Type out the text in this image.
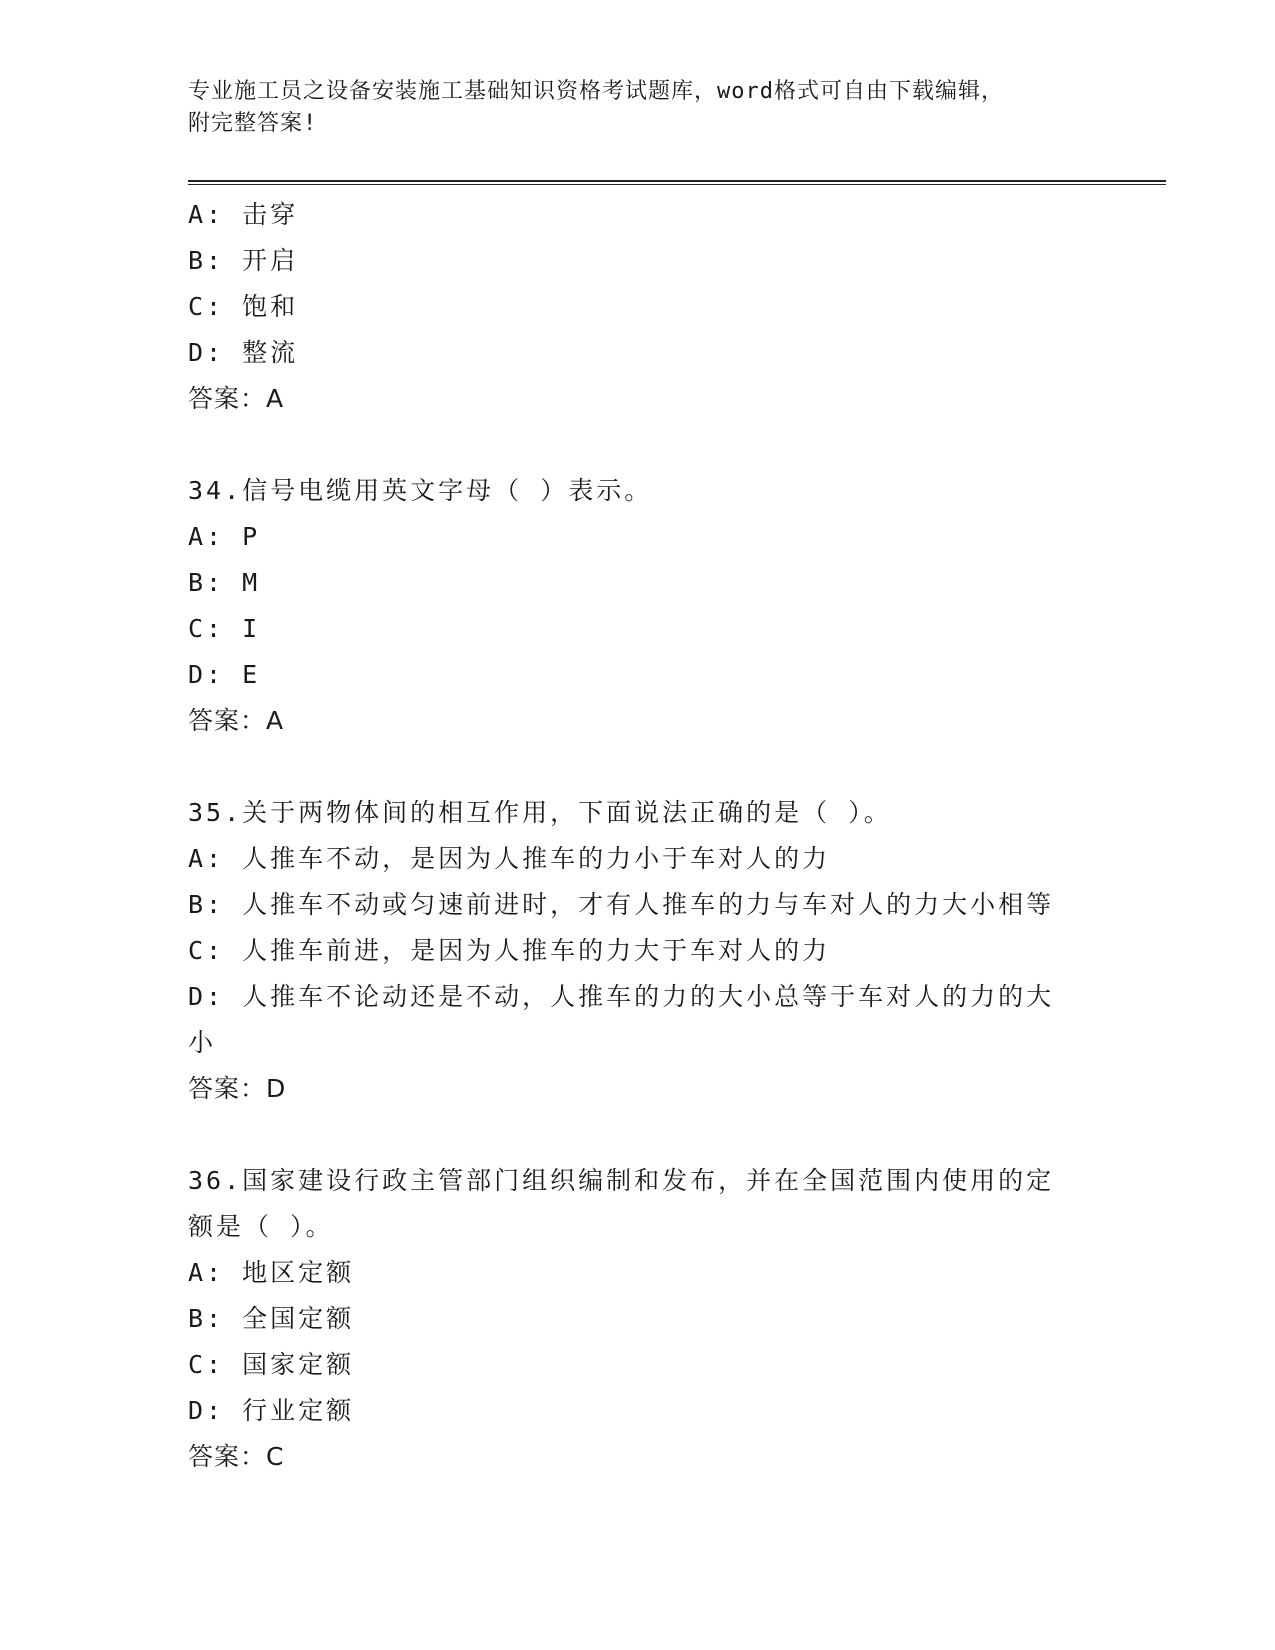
专业施工员之设备安装施工基础知识资格考试题库，word格式可自由下载编辑，
附完整答案!
A: 击穿
B: 开启
C: 饱和
D: 整流
答案：A
34.信号电缆用英文字母（ ）表示。
A: P
B: M
C: I
D: E
答案：A
35.关于两物体间的相互作用，下面说法正确的是（ ）。
A: 人推车不动，是因为人推车的力小于车对人的力
B: 人推车不动或匀速前进时，才有人推车的力与车对人的力大小相等
C: 人推车前进，是因为人推车的力大于车对人的力
D: 人推车不论动还是不动，人推车的力的大小总等于车对人的力的大小
答案：D
36.国家建设行政主管部门组织编制和发布，并在全国范围内使用的定额是（ ）。
A: 地区定额
B: 全国定额
C: 国家定额
D: 行业定额
答案：C
